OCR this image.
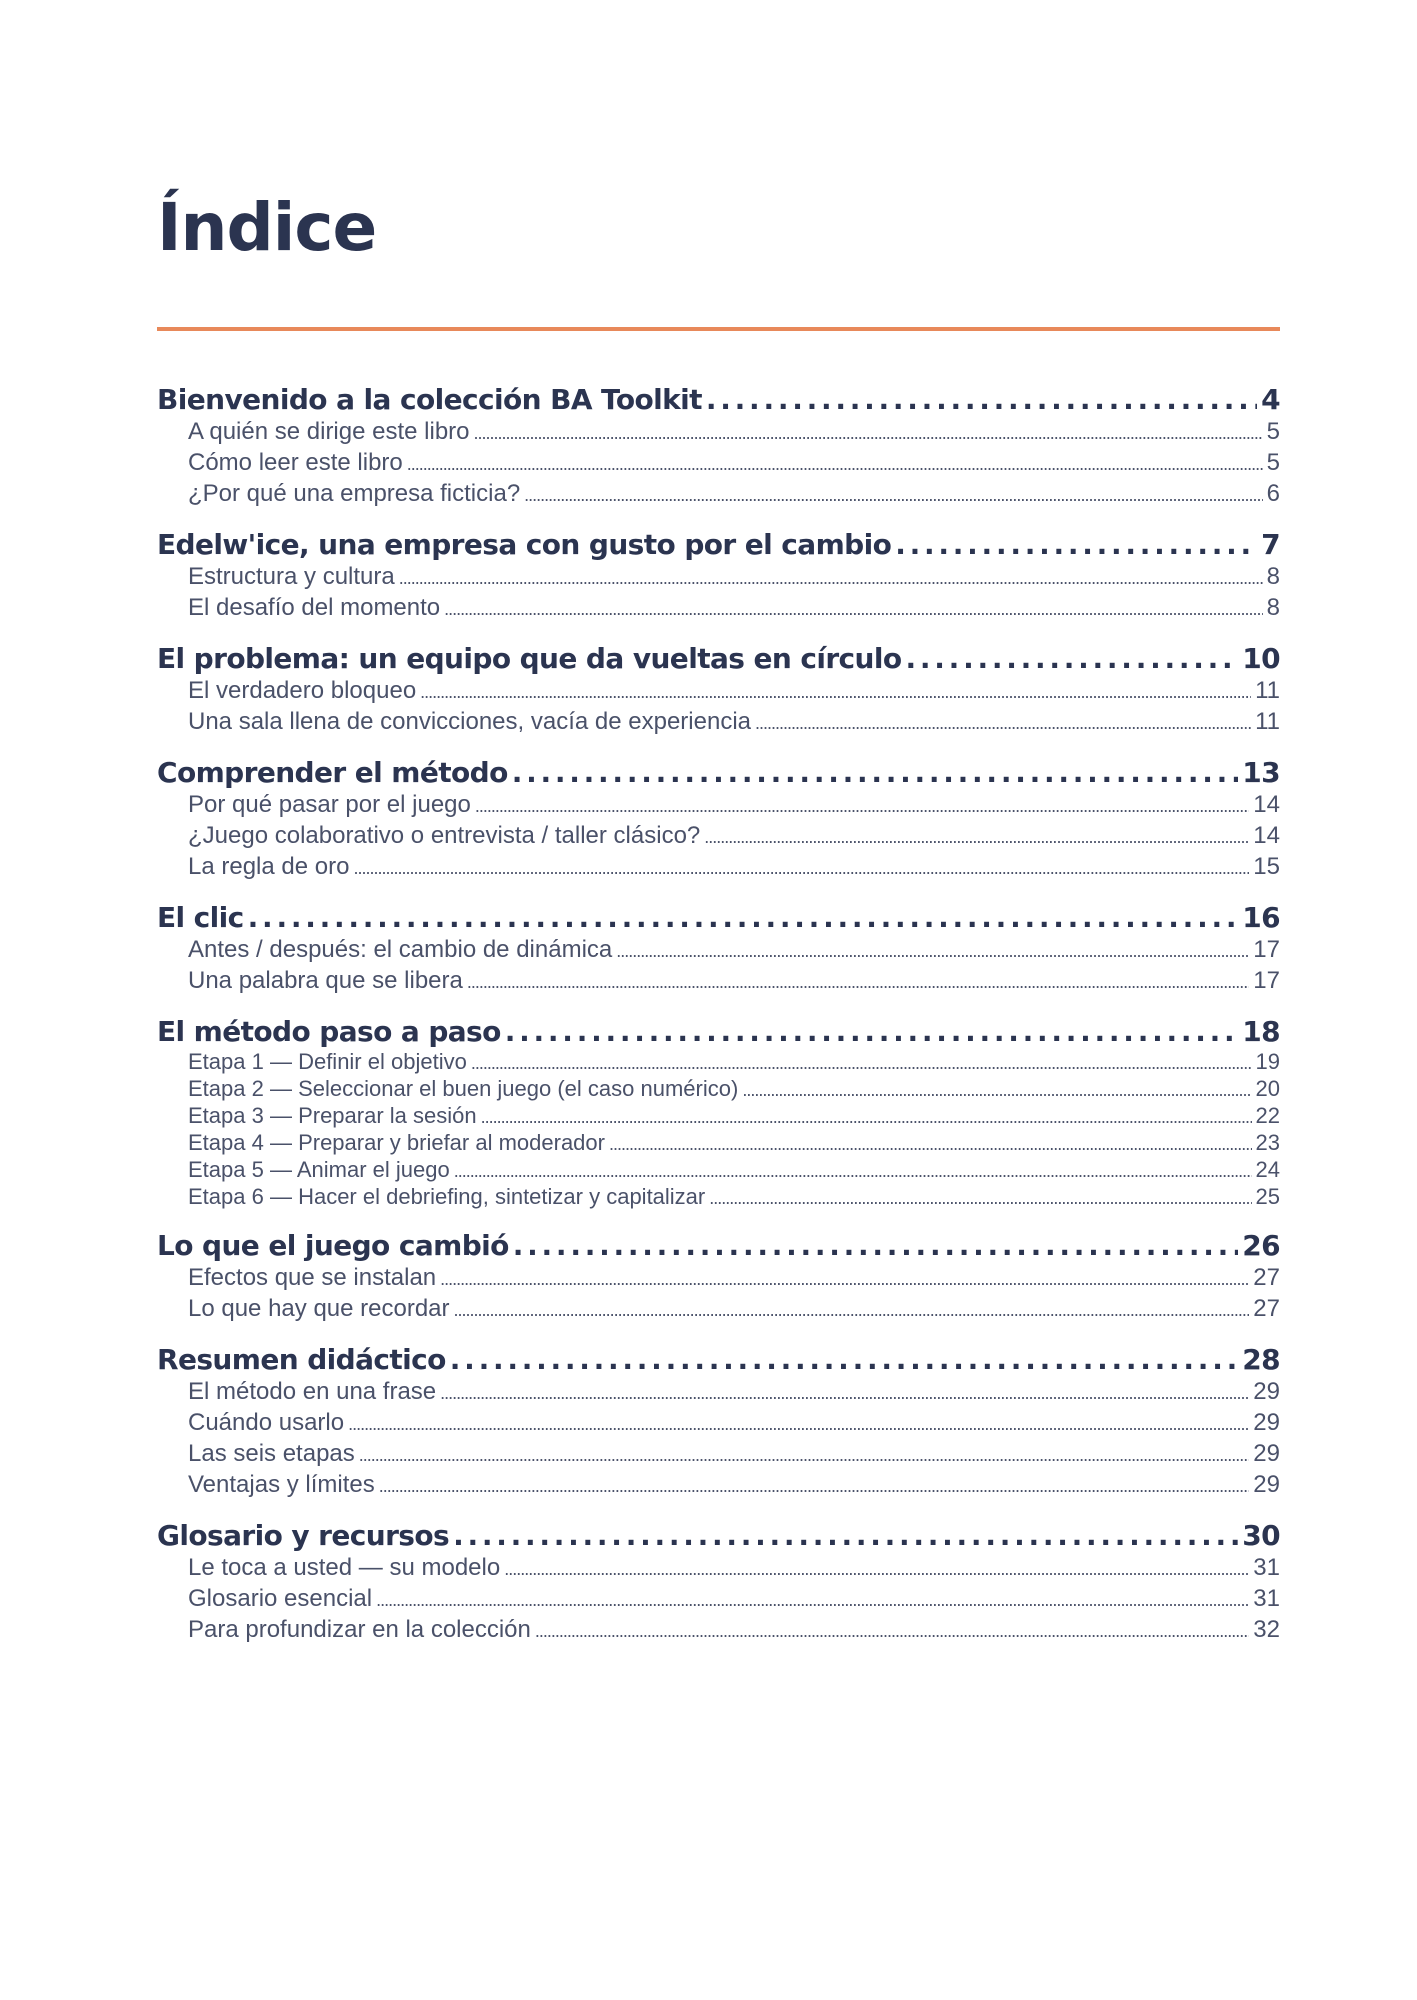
Índice
Bienvenido a la colección BA Toolkit . . .	4
A quién se dirige este libro . . .	5
Cómo leer este libro . . .	5
¿Por qué una empresa ficticia? . . .	6
Edelw'ice, una empresa con gusto por el cambio . . .	7
Estructura y cultura . . .	8
El desafío del momento . . .	8
El problema: un equipo que da vueltas en círculo . . .	10
El verdadero bloqueo . . .	11
Una sala llena de convicciones, vacía de experiencia . . .	11
Comprender el método . . .	13
Por qué pasar por el juego . . .	14
¿Juego colaborativo o entrevista / taller clásico? . . .	14
La regla de oro . . .	15
El clic . . .	16
Antes / después: el cambio de dinámica . . .	17
Una palabra que se libera . . .	17
El método paso a paso . . .	18
Etapa 1 — Definir el objetivo . . .	19
Etapa 2 — Seleccionar el buen juego (el caso numérico) . . .	20
Etapa 3 — Preparar la sesión . . .	22
Etapa 4 — Preparar y briefar al moderador . . .	23
Etapa 5 — Animar el juego . . .	24
Etapa 6 — Hacer el debriefing, sintetizar y capitalizar . . .	25
Lo que el juego cambió . . .	26
Efectos que se instalan . . .	27
Lo que hay que recordar . . .	27
Resumen didáctico . . .	28
El método en una frase . . .	29
Cuándo usarlo . . .	29
Las seis etapas . . .	29
Ventajas y límites . . .	29
Glosario y recursos . . .	30
Le toca a usted — su modelo . . .	31
Glosario esencial . . .	31
Para profundizar en la colección . . .	32
